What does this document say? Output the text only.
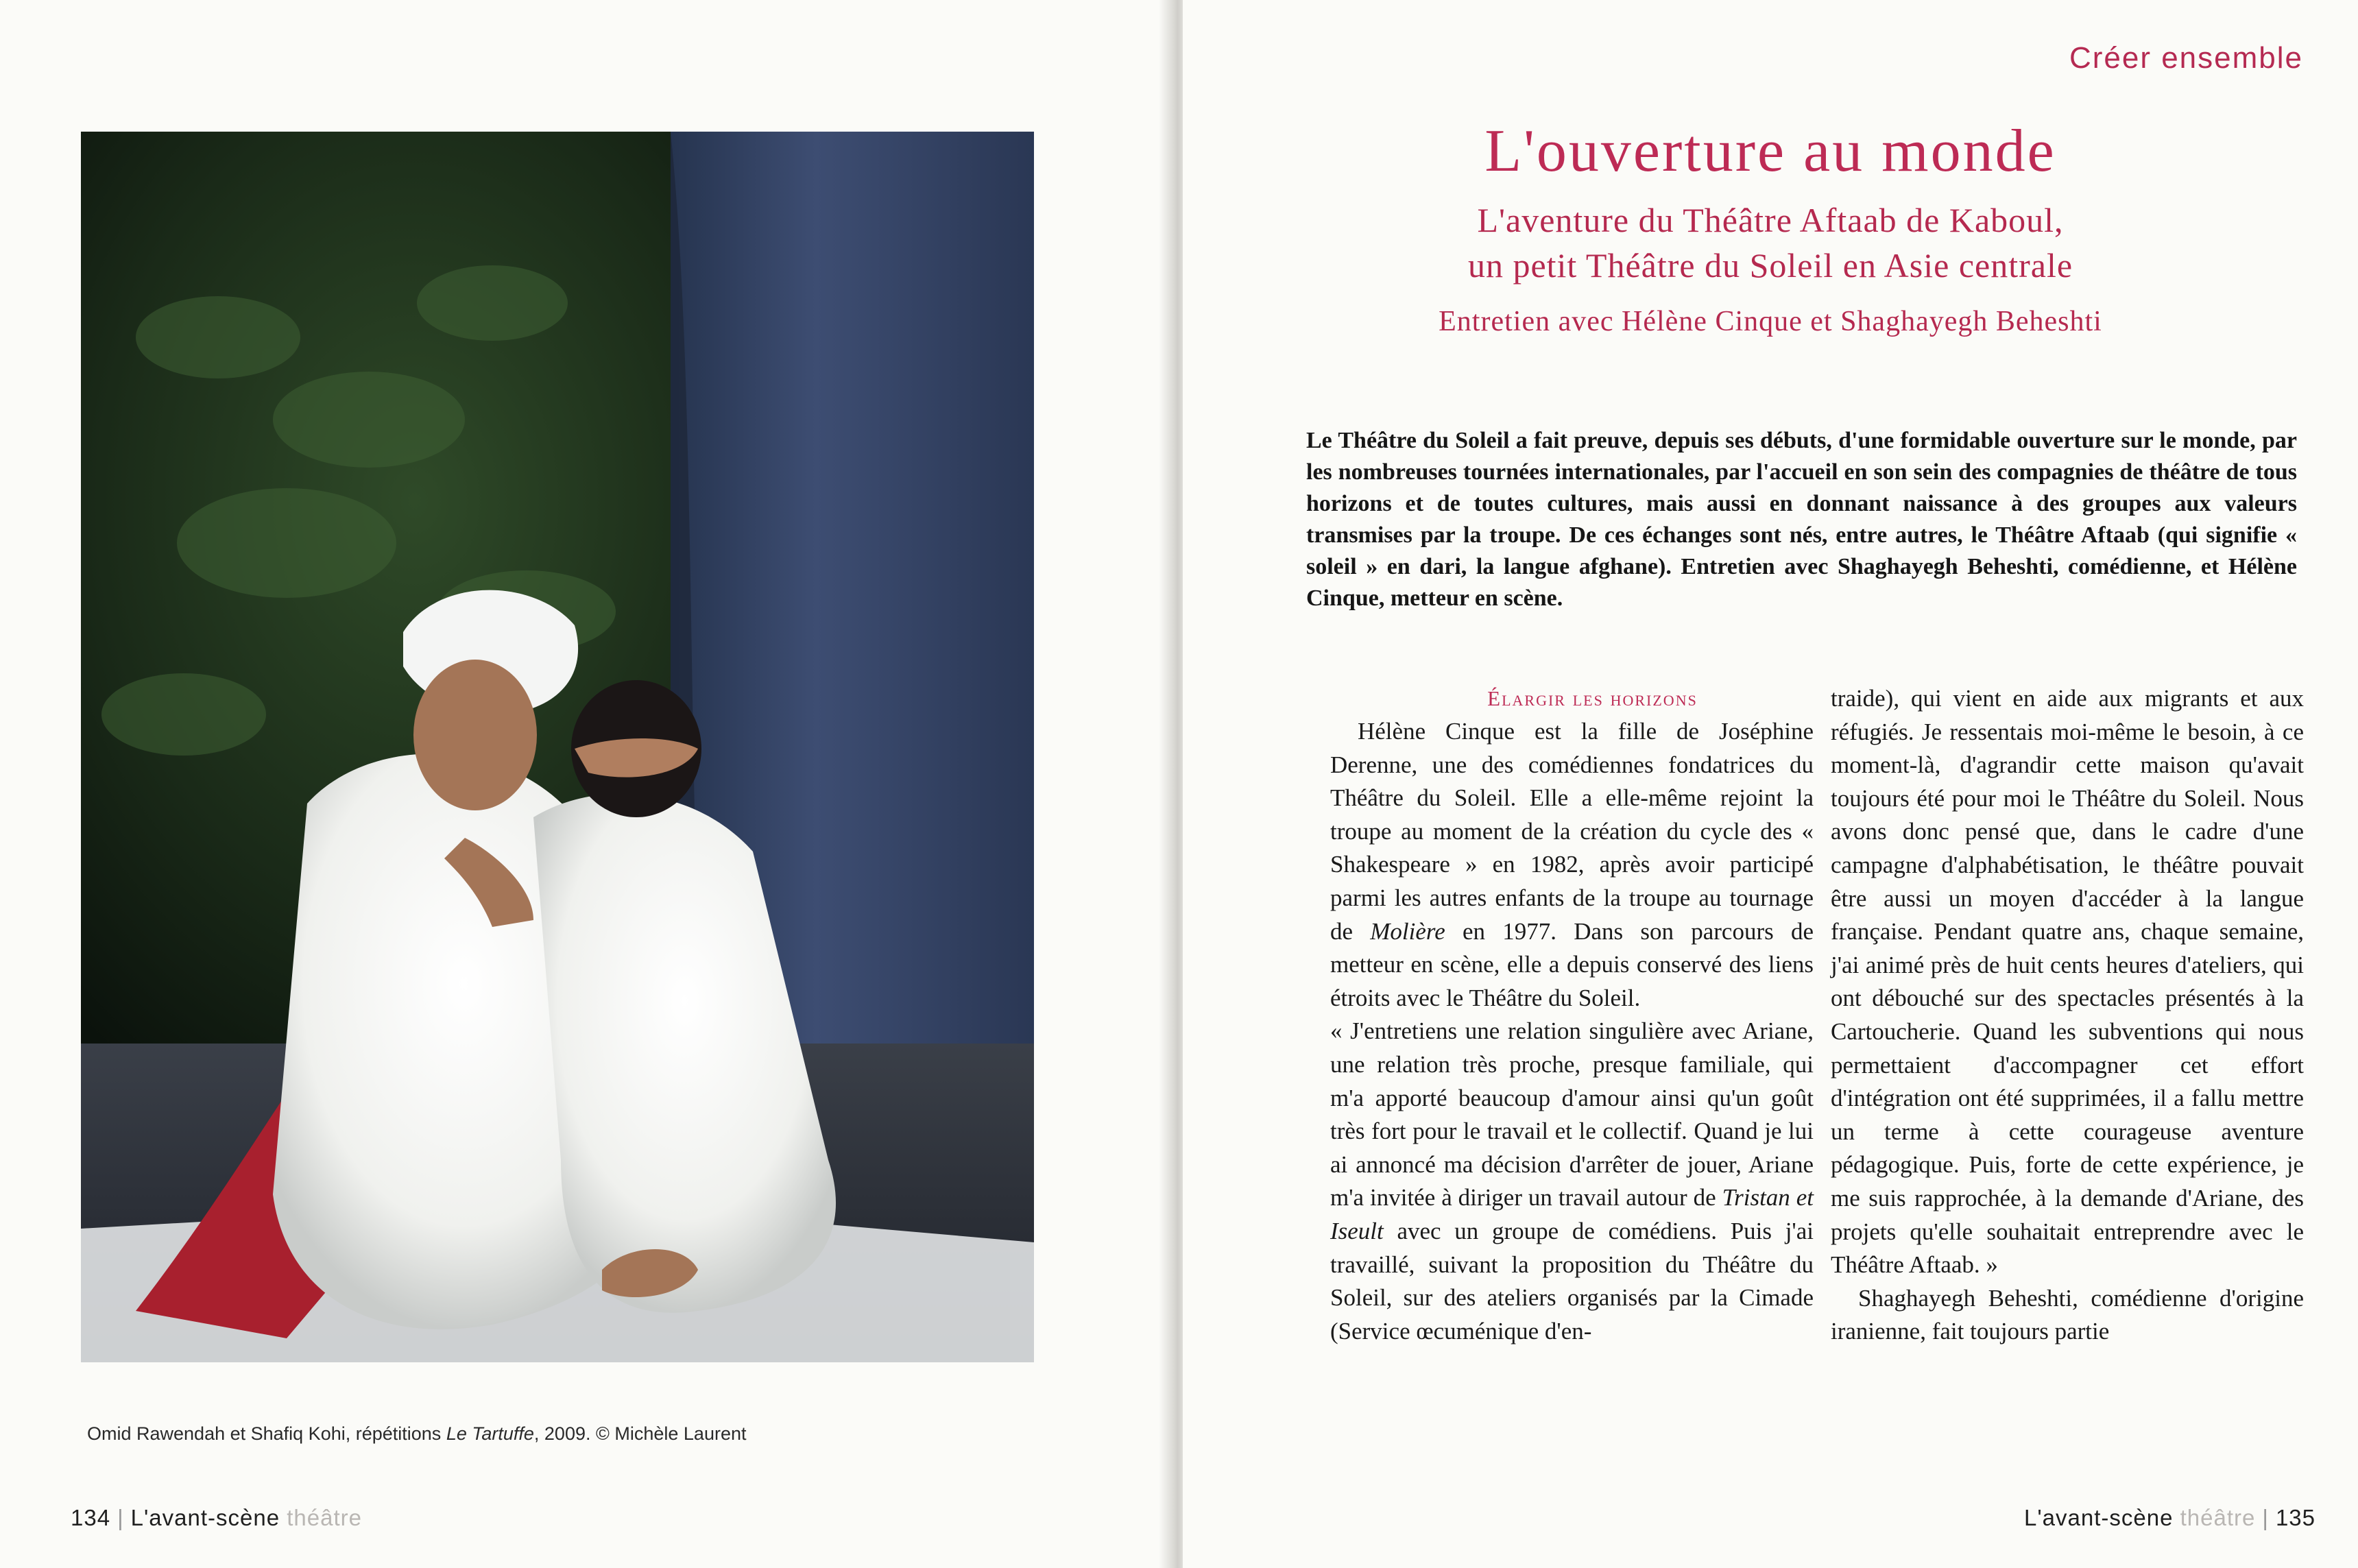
Omid Rawendah et Shafiq Kohi, répétitions Le Tartuffe, 2009. © Michèle Laurent
134 | L'avant-scène théâtre
Créer ensemble
L'ouverture au monde
L'aventure du Théâtre Aftaab de Kaboul,
un petit Théâtre du Soleil en Asie centrale
Entretien avec Hélène Cinque et Shaghayegh Beheshti
Le Théâtre du Soleil a fait preuve, depuis ses débuts, d'une formidable ouverture sur le monde, par les nombreuses tournées internationales, par l'accueil en son sein des compagnies de théâtre de tous horizons et de toutes cultures, mais aussi en donnant naissance à des groupes aux valeurs transmises par la troupe. De ces échanges sont nés, entre autres, le Théâtre Aftaab (qui signifie « soleil » en dari, la langue afghane). Entretien avec Shaghayegh Beheshti, comédienne, et Hélène Cinque, metteur en scène.
Élargir les horizons

Hélène Cinque est la fille de Joséphine Derenne, une des comédiennes fondatrices du Théâtre du Soleil. Elle a elle-même rejoint la troupe au moment de la création du cycle des « Shakespeare » en 1982, après avoir participé parmi les autres enfants de la troupe au tournage de Molière en 1977. Dans son parcours de metteur en scène, elle a depuis conservé des liens étroits avec le Théâtre du Soleil.

« J'entretiens une relation singulière avec Ariane, une relation très proche, presque familiale, qui m'a apporté beaucoup d'amour ainsi qu'un goût très fort pour le travail et le collectif. Quand je lui ai annoncé ma décision d'arrêter de jouer, Ariane m'a invitée à diriger un travail autour de Tristan et Iseult avec un groupe de comédiens. Puis j'ai travaillé, suivant la proposition du Théâtre du Soleil, sur des ateliers organisés par la Cimade (Service œcuménique d'en-

traide), qui vient en aide aux migrants et aux réfugiés. Je ressentais moi-même le besoin, à ce moment-là, d'agrandir cette maison qu'avait toujours été pour moi le Théâtre du Soleil. Nous avons donc pensé que, dans le cadre d'une campagne d'alphabétisation, le théâtre pouvait être aussi un moyen d'accéder à la langue française. Pendant quatre ans, chaque semaine, j'ai animé près de huit cents heures d'ateliers, qui ont débouché sur des spectacles présentés à la Cartoucherie. Quand les subventions qui nous permettaient d'accompagner cet effort d'intégration ont été supprimées, il a fallu mettre un terme à cette courageuse aventure pédagogique. Puis, forte de cette expérience, je me suis rapprochée, à la demande d'Ariane, des projets qu'elle souhaitait entreprendre avec le Théâtre Aftaab. »

Shaghayegh Beheshti, comédienne d'origine iranienne, fait toujours partie

L'avant-scène théâtre | 135
